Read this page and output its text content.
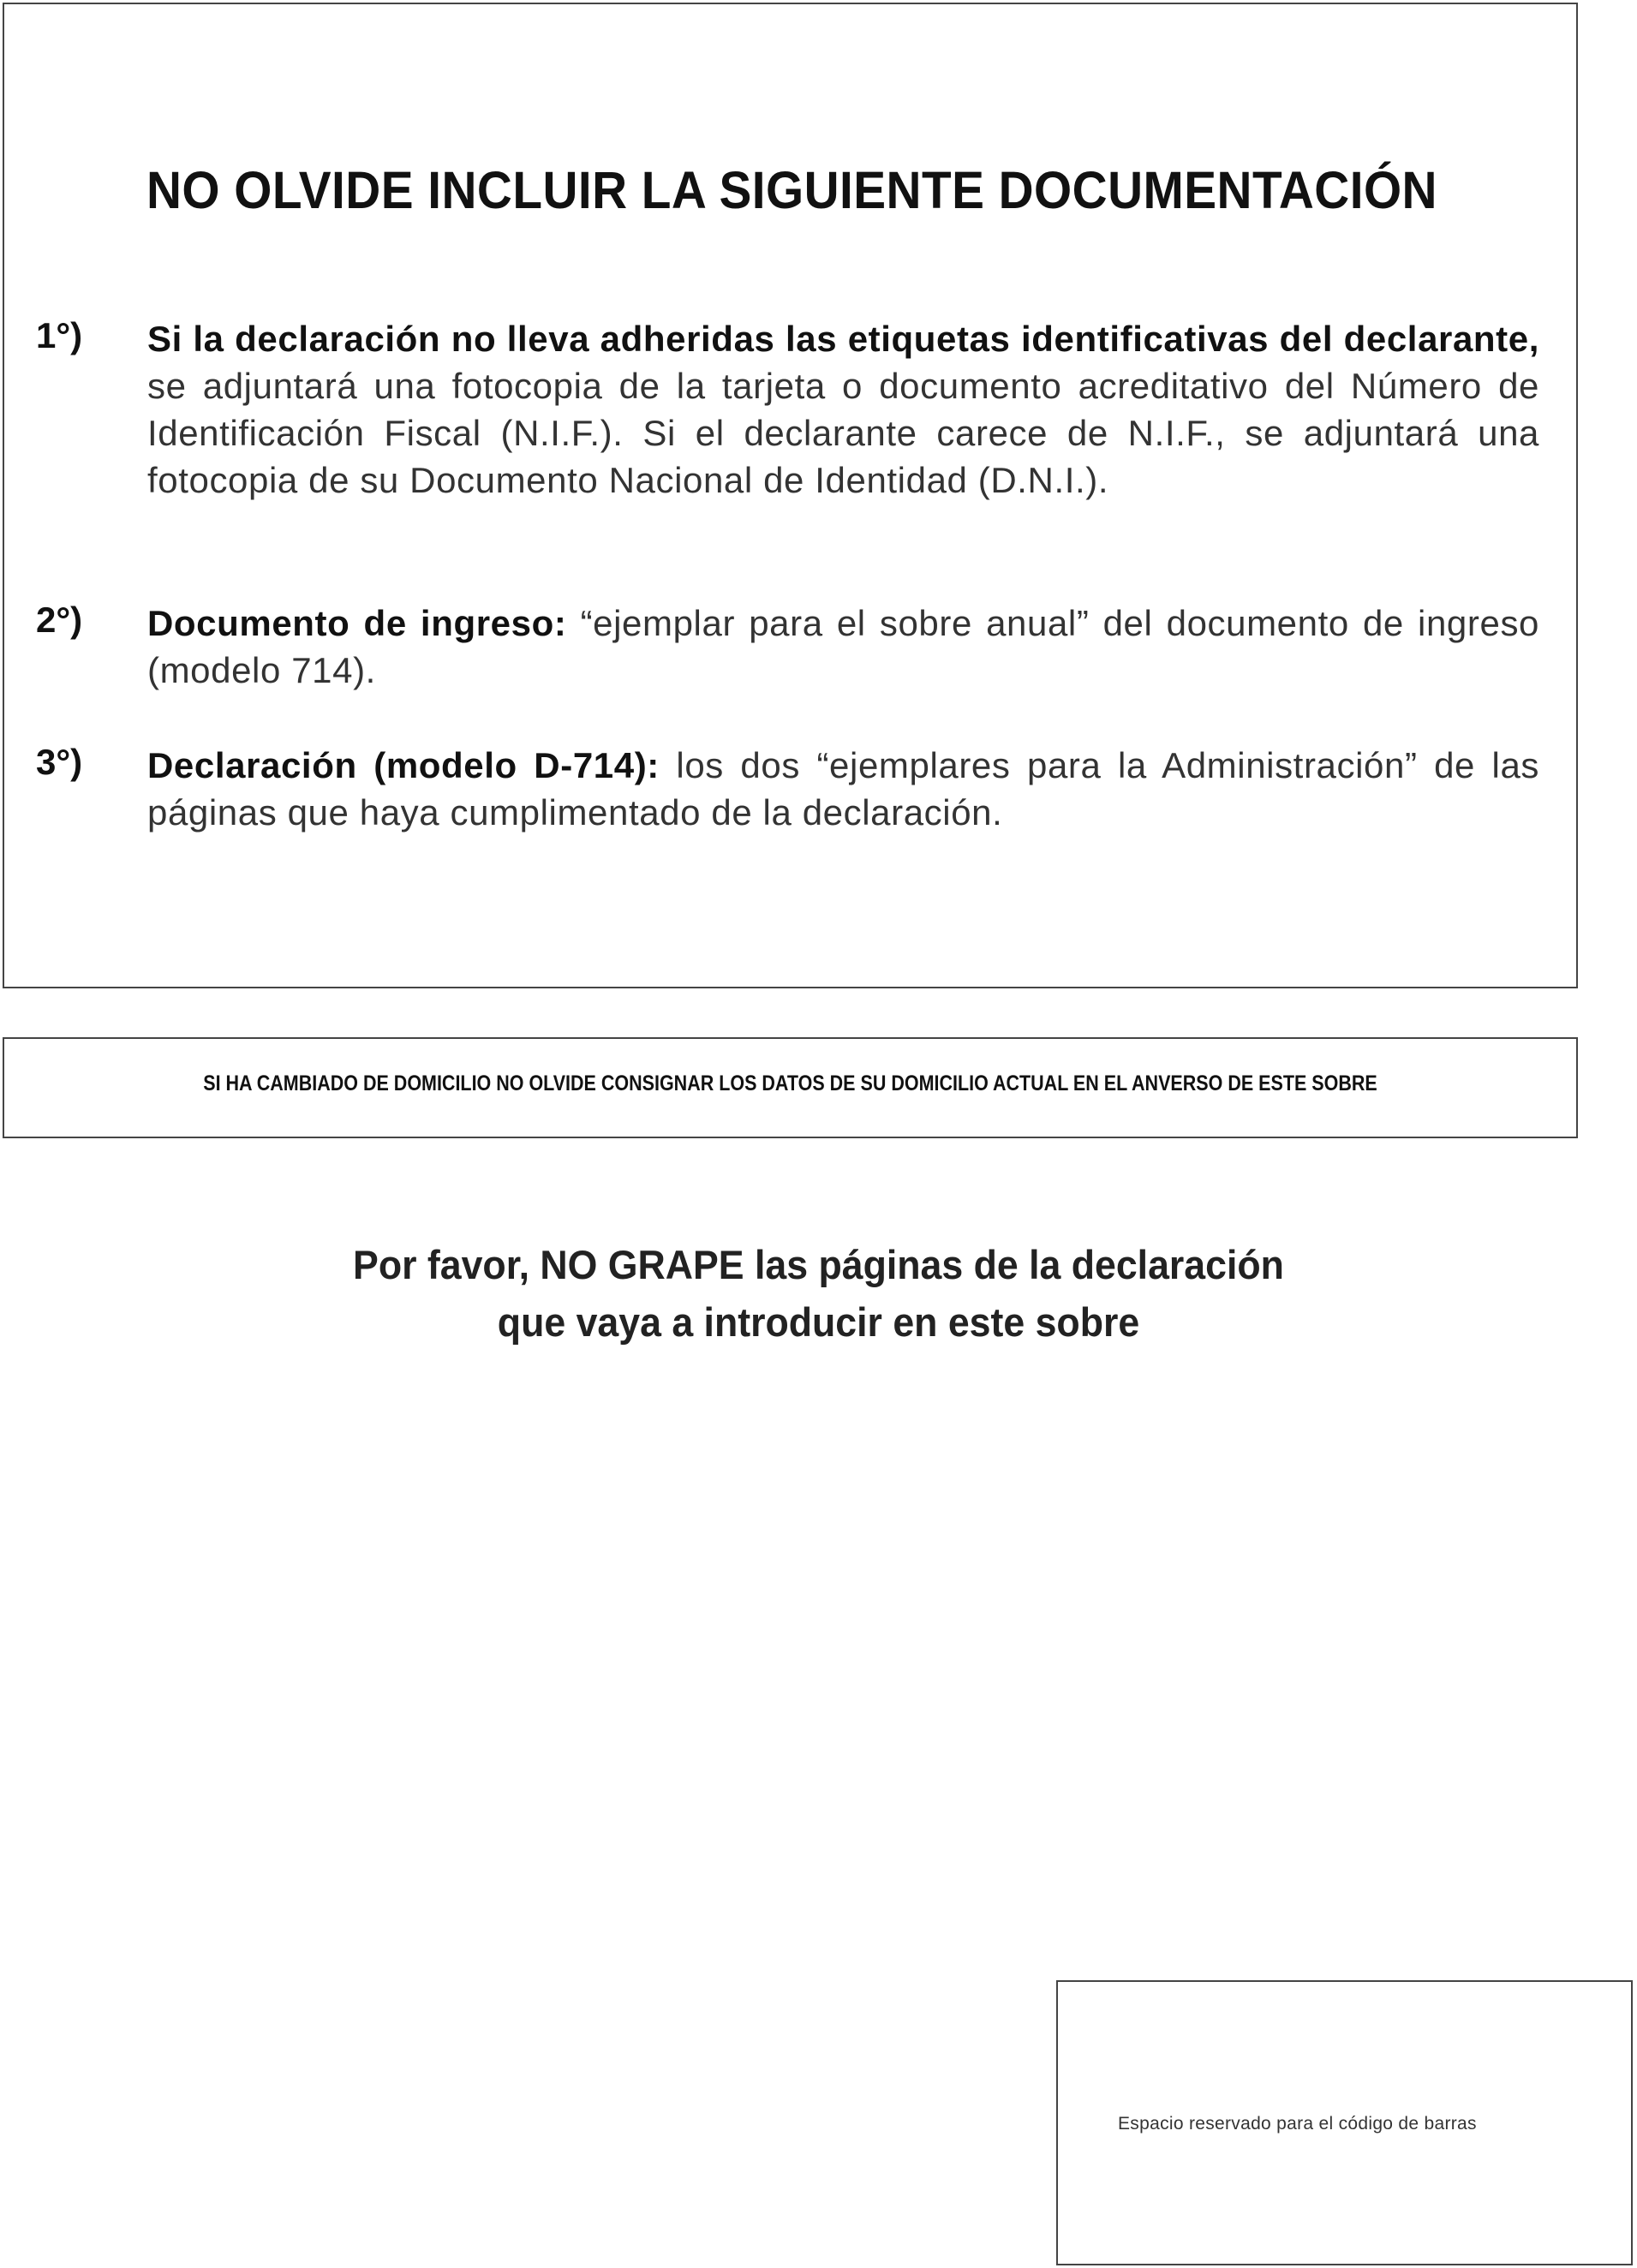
NO OLVIDE INCLUIR LA SIGUIENTE DOCUMENTACIÓN
1°) Si la declaración no lleva adheridas las etiquetas identificativas del declarante, se adjuntará una fotocopia de la tarjeta o documento acreditativo del Número de Identificación Fiscal (N.I.F.). Si el declarante carece de N.I.F., se adjuntará una fotocopia de su Documento Nacional de Identidad (D.N.I.).
2°) Documento de ingreso: “ejemplar para el sobre anual” del documento de ingreso (modelo 714).
3°) Declaración (modelo D-714): los dos “ejemplares para la Administración” de las páginas que haya cumplimentado de la declaración.
SI HA CAMBIADO DE DOMICILIO NO OLVIDE CONSIGNAR LOS DATOS DE SU DOMICILIO ACTUAL EN EL ANVERSO DE ESTE SOBRE
Por favor, NO GRAPE las páginas de la declaración
que vaya a introducir en este sobre
Espacio reservado para el código de barras
